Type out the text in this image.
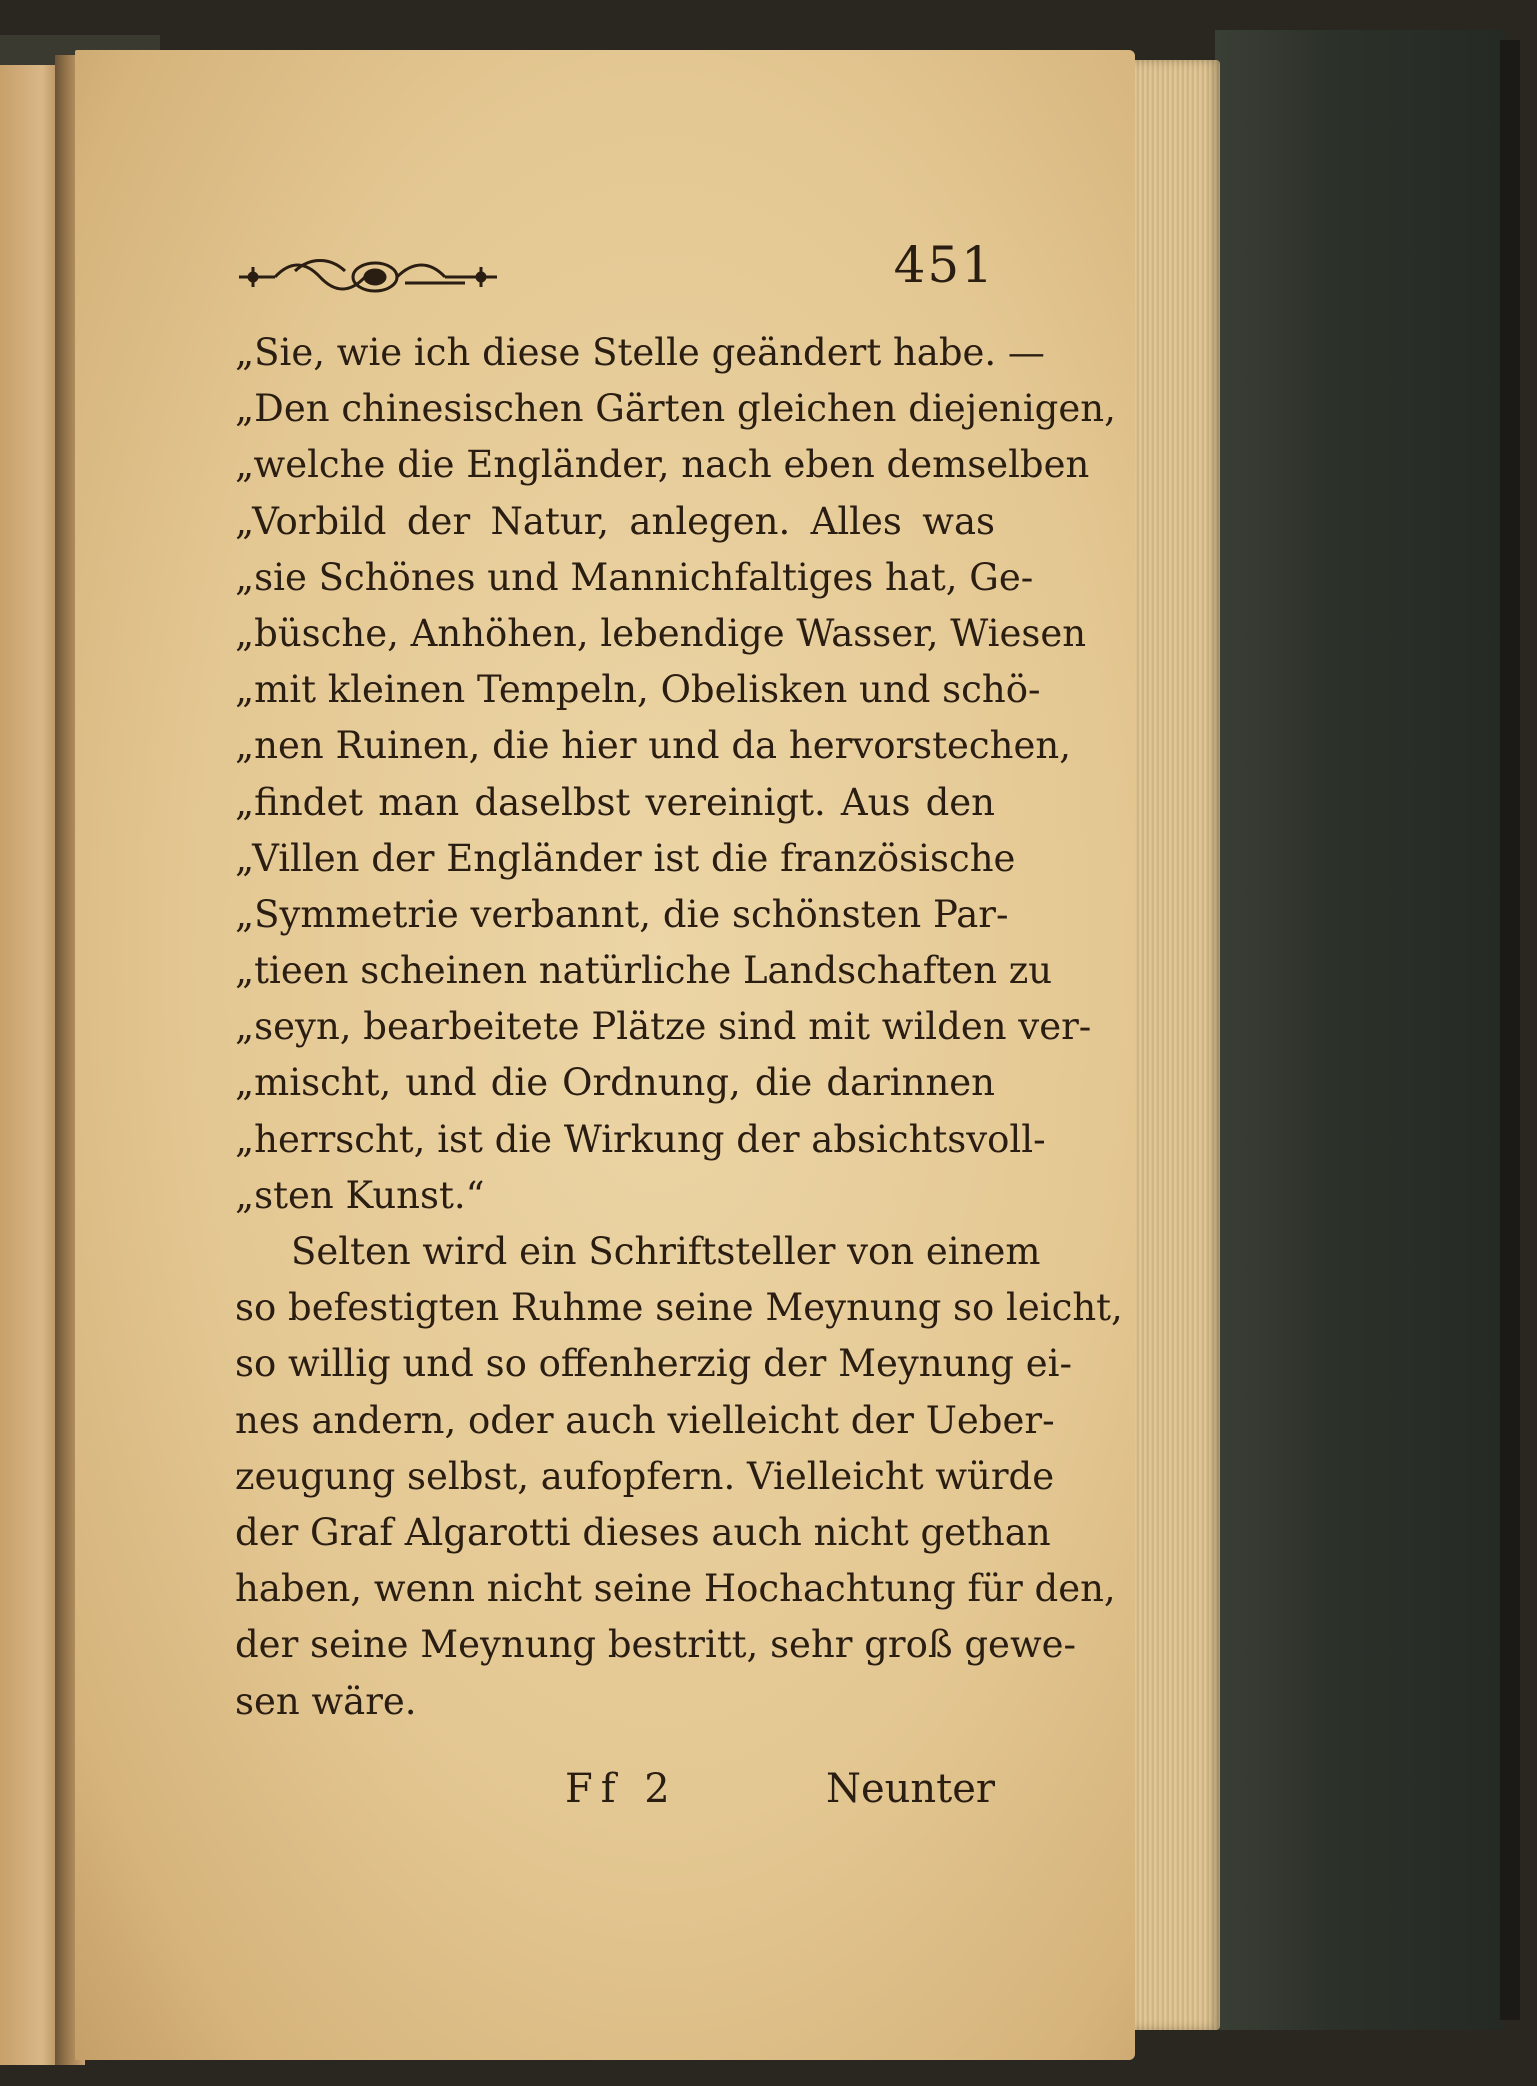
451
„Sie, wie ich diese Stelle geändert habe. —
„Den chinesischen Gärten gleichen diejenigen,
„welche die Engländer, nach eben demselben
„Vorbild der Natur, anlegen. Alles was
„sie Schönes und Mannichfaltiges hat, Ge-
„büsche, Anhöhen, lebendige Wasser, Wiesen
„mit kleinen Tempeln, Obelisken und schö-
„nen Ruinen, die hier und da hervorstechen,
„findet man daselbst vereinigt. Aus den
„Villen der Engländer ist die französische
„Symmetrie verbannt, die schönsten Par-
„tieen scheinen natürliche Landschaften zu
„seyn, bearbeitete Plätze sind mit wilden ver-
„mischt, und die Ordnung, die darinnen
„herrscht, ist die Wirkung der absichtsvoll-
„sten Kunst.“
Selten wird ein Schriftsteller von einem
so befestigten Ruhme seine Meynung so leicht,
so willig und so offenherzig der Meynung ei-
nes andern, oder auch vielleicht der Ueber-
zeugung selbst, aufopfern. Vielleicht würde
der Graf Algarotti dieses auch nicht gethan
haben, wenn nicht seine Hochachtung für den,
der seine Meynung bestritt, sehr groß gewe-
sen wäre.
Ff 2	Neunter
